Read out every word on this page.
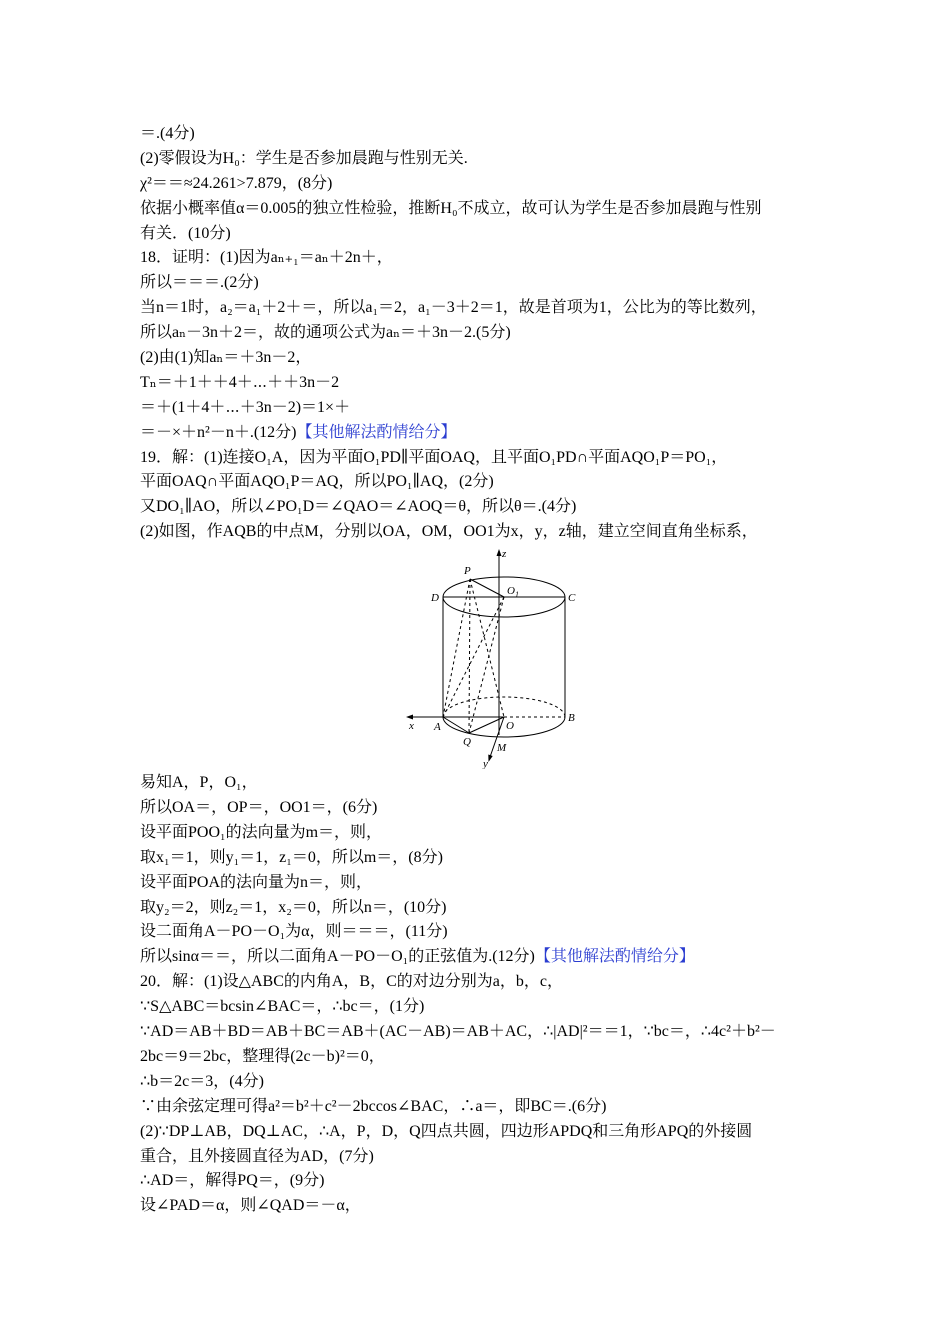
＝.(4分)
(2)零假设为H₀：学生是否参加晨跑与性别无关.
χ²＝＝≈24.261>7.879，(8分)
依据小概率值α＝0.005的独立性检验，推断H₀不成立，故可认为学生是否参加晨跑与性别
有关．(10分)
18．证明：(1)因为aₙ₊₁＝aₙ＋2n＋，
所以＝＝＝.(2分)
当n＝1时，a₂＝a₁＋2＋＝，所以a₁＝2，a₁－3＋2＝1，故是首项为1，公比为的等比数列，
所以aₙ－3n＋2＝，故的通项公式为aₙ＝＋3n－2.(5分)
(2)由(1)知aₙ＝＋3n－2，
Tₙ＝＋1＋＋4＋⋯＋＋3n－2
＝＋(1＋4＋⋯＋3n－2)＝1×＋
＝－×＋n²－n＋.(12分)【其他解法酌情给分】
19．解：(1)连接O₁A，因为平面O₁PD∥平面OAQ，且平面O₁PD∩平面AQO₁P＝PO₁，
平面OAQ∩平面AQO₁P＝AQ，所以PO₁∥AQ，(2分)
又DO₁∥AO，所以∠PO₁D＝∠QAO＝∠AOQ＝θ，所以θ＝.(4分)
(2)如图，作AQB的中点M，分别以OA，OM，OO1为x，y，z轴，建立空间直角坐标系，
z
P
$O_1$
D	C
x A	O
B
Q M
y
易知A，P，O₁，
所以OA＝，OP＝，OO1＝，(6分)
设平面POO₁的法向量为m＝，则，
取x₁＝1，则y₁＝1，z₁＝0，所以m＝，(8分)
设平面POA的法向量为n＝，则，
取y₂＝2，则z₂＝1，x₂＝0，所以n＝，(10分)
设二面角A－PO－O₁为α，则＝＝＝，(11分)
所以sinα＝＝，所以二面角A－PO－O₁的正弦值为.(12分)【其他解法酌情给分】
20．解：(1)设△ABC的内角A，B，C的对边分别为a，b，c，
∵S△ABC＝bcsin∠BAC＝，∴bc＝，(1分)
∵AD＝AB＋BD＝AB＋BC＝AB＋(AC－AB)＝AB＋AC，∴|AD|²＝＝1，∵bc＝，∴4c²＋b²－
2bc＝9＝2bc，整理得(2c－b)²＝0，
∴b＝2c＝3，(4分)
∵由余弦定理可得a²＝b²＋c²－2bccos∠BAC，∴a＝，即BC＝.(6分)
(2)∵DP⊥AB，DQ⊥AC，∴A，P，D，Q四点共圆，四边形APDQ和三角形APQ的外接圆
重合，且外接圆直径为AD，(7分)
∴AD＝，解得PQ＝，(9分)
设∠PAD＝α，则∠QAD＝－α，
